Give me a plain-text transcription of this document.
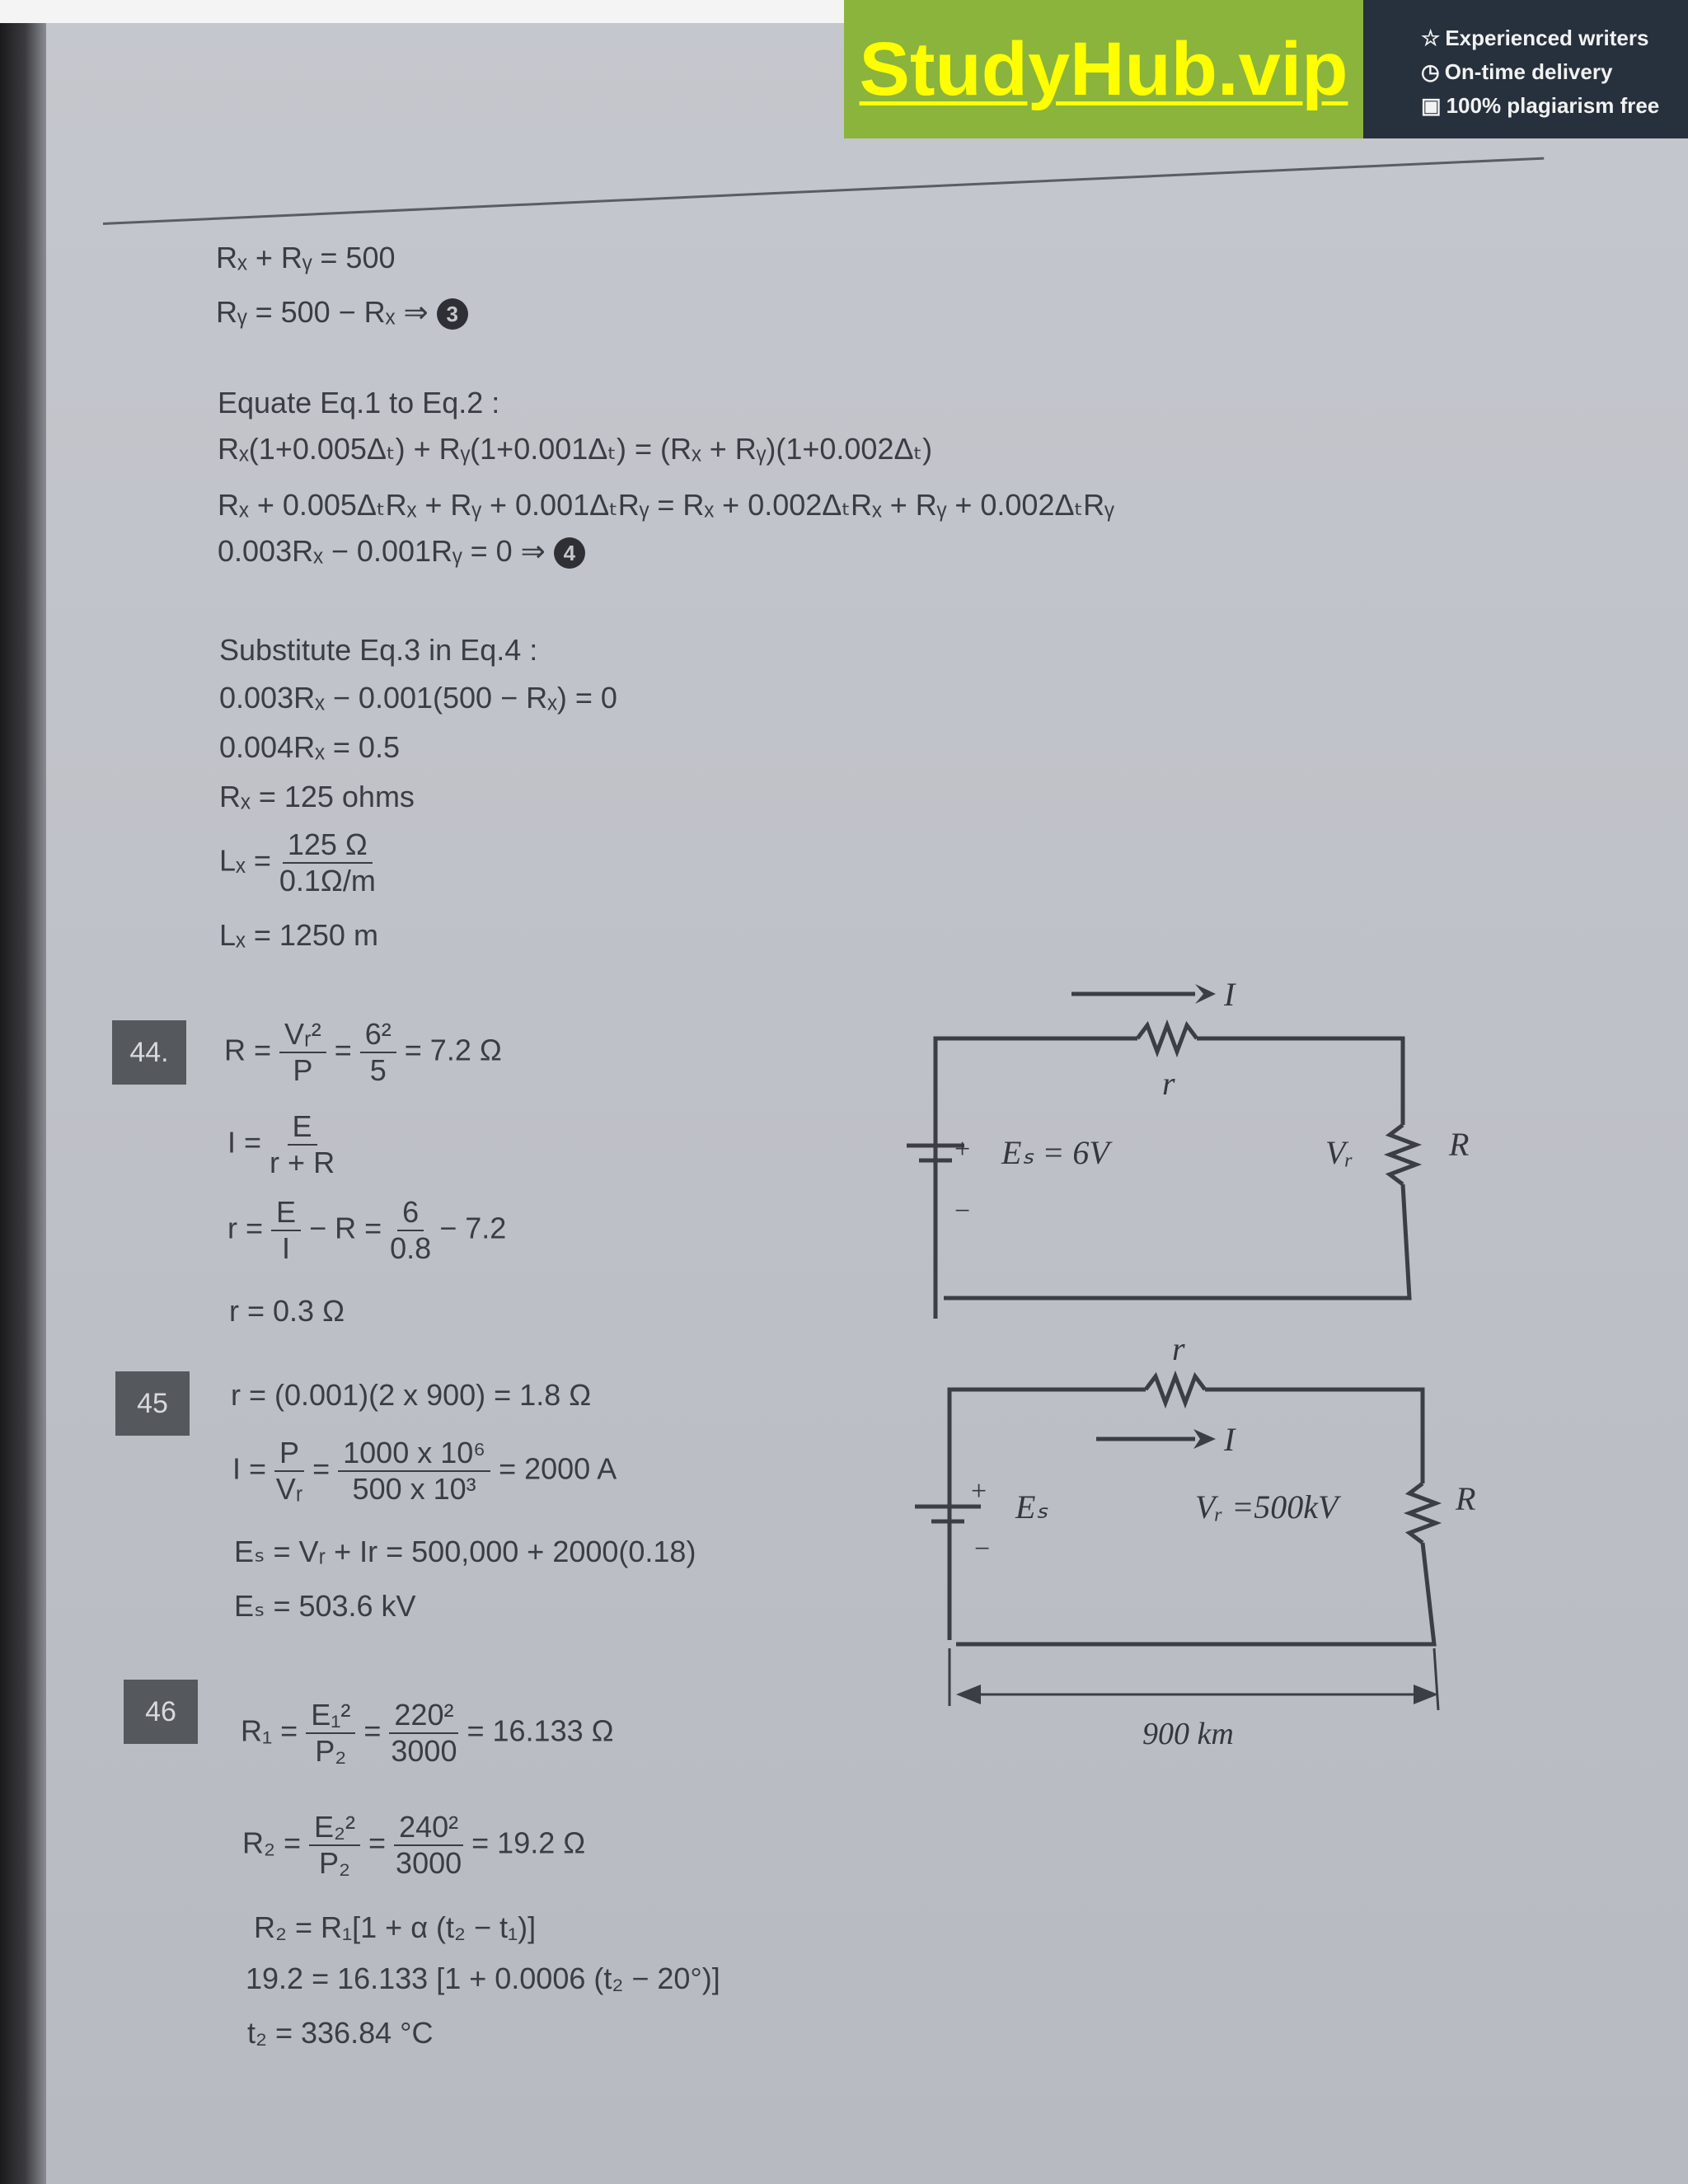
StudyHub.vip	☆ Experienced writers
◷ On-time delivery
▣ 100% plagiarism free
Rₓ + Rᵧ = 500
Rᵧ = 500 − Rₓ ⇒ 3
Equate Eq.1 to Eq.2 :
Rₓ(1+0.005Δₜ) + Rᵧ(1+0.001Δₜ) = (Rₓ + Rᵧ)(1+0.002Δₜ)
Rₓ + 0.005ΔₜRₓ + Rᵧ + 0.001ΔₜRᵧ = Rₓ + 0.002ΔₜRₓ + Rᵧ + 0.002ΔₜRᵧ
0.003Rₓ − 0.001Rᵧ = 0 ⇒ 4
Substitute Eq.3 in Eq.4 :
0.003Rₓ − 0.001(500 − Rₓ) = 0
0.004Rₓ = 0.5
Rₓ = 125 ohms
$L_x = \frac{125 \Omega}{0.1\Omega/m}$
Lₓ = 1250 m
44.	$R = \frac{\text{Vᵣ²}}{P} = \frac{\text{6²}}{5} = 7.2$ Ω
$I = \frac{E}{r + R}$
$r = \frac{E}{I} - R = \frac{6}{0.8} - 7.2$
r = 0.3 Ω
I
r
+
−
Eₛ = 6V	Vᵣ	R
45	r = (0.001)(2 x 900) = 1.8 Ω
$I = \frac{P}{\text{Vᵣ}} = \frac{\text{1000 x 10⁶}}{\text{500 x 10³}} = 2000$ A
Eₛ = Vᵣ + Ir = 500,000 + 2000(0.18)
Eₛ = 503.6 kV
I
r
+
−
Eₛ	Vᵣ =500kV	R
900 km
46
$R_1 = \frac{\text{E₁²}}{\text{P₂}} = \frac{\text{220²}}{3000} = 16.133$ Ω
$R_2 = \frac{\text{E₂²}}{\text{P₂}} = \frac{\text{240²}}{3000} = 19.2$ Ω
R₂ = R₁[1 + α (t₂ − t₁)]
19.2 = 16.133 [1 + 0.0006 (t₂ − 20°)]
t₂ = 336.84 °C
